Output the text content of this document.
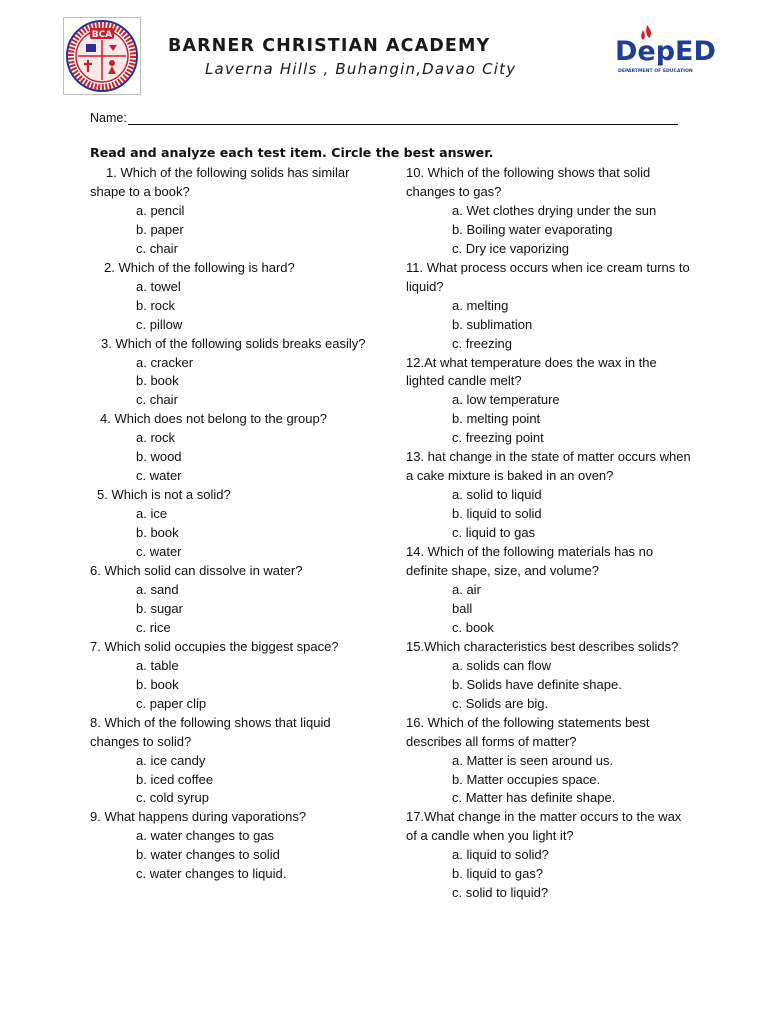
BCA
BARNER CHRISTIAN ACADEMY
Laverna Hills , Buhangin,Davao City
DepED
DEPARTMENT OF EDUCATION
Name:
Read and analyze each test item. Circle the best answer.
1. Which of the following solids has similar shape to a book?
a. pencil
b. paper
c. chair
2. Which of the following is hard?
a. towel
b. rock
c. pillow
3. Which of the following solids breaks easily?
a. cracker
b. book
c. chair
4. Which does not belong to the group?
a. rock
b. wood
c. water
5. Which is not a solid?
a. ice
b. book
c. water
6. Which solid can dissolve in water?
a. sand
b. sugar
c. rice
7. Which solid occupies the biggest space?
a. table
b. book
c. paper clip
8. Which of the following shows that liquid changes to solid?
a. ice candy
b. iced coffee
c. cold syrup
9. What happens during vaporations?
a. water changes to gas
b. water changes to solid
c. water changes to liquid.
10. Which of the following shows that solid changes to gas?
a. Wet clothes drying under the sun
b. Boiling water evaporating
c. Dry ice vaporizing
11. What process occurs when ice cream turns to liquid?
a. melting
b. sublimation
c. freezing
12.At what temperature does the wax in the lighted candle melt?
a. low temperature
b. melting point
c. freezing point
13. hat change in the state of matter occurs when a cake mixture is baked in an oven?
a. solid to liquid
b. liquid to solid
c. liquid to gas
14. Which of the following materials has no definite shape, size, and volume?
a. air
ball
c. book
15.Which characteristics best describes solids?
a. solids can flow
b. Solids have definite shape.
c. Solids are big.
16. Which of the following statements best describes all forms of matter?
a. Matter is seen around us.
b. Matter occupies space.
c. Matter has definite shape.
17.What change in the matter occurs to the wax of a candle when you light it?
a. liquid to solid?
b. liquid to gas?
c. solid to liquid?
